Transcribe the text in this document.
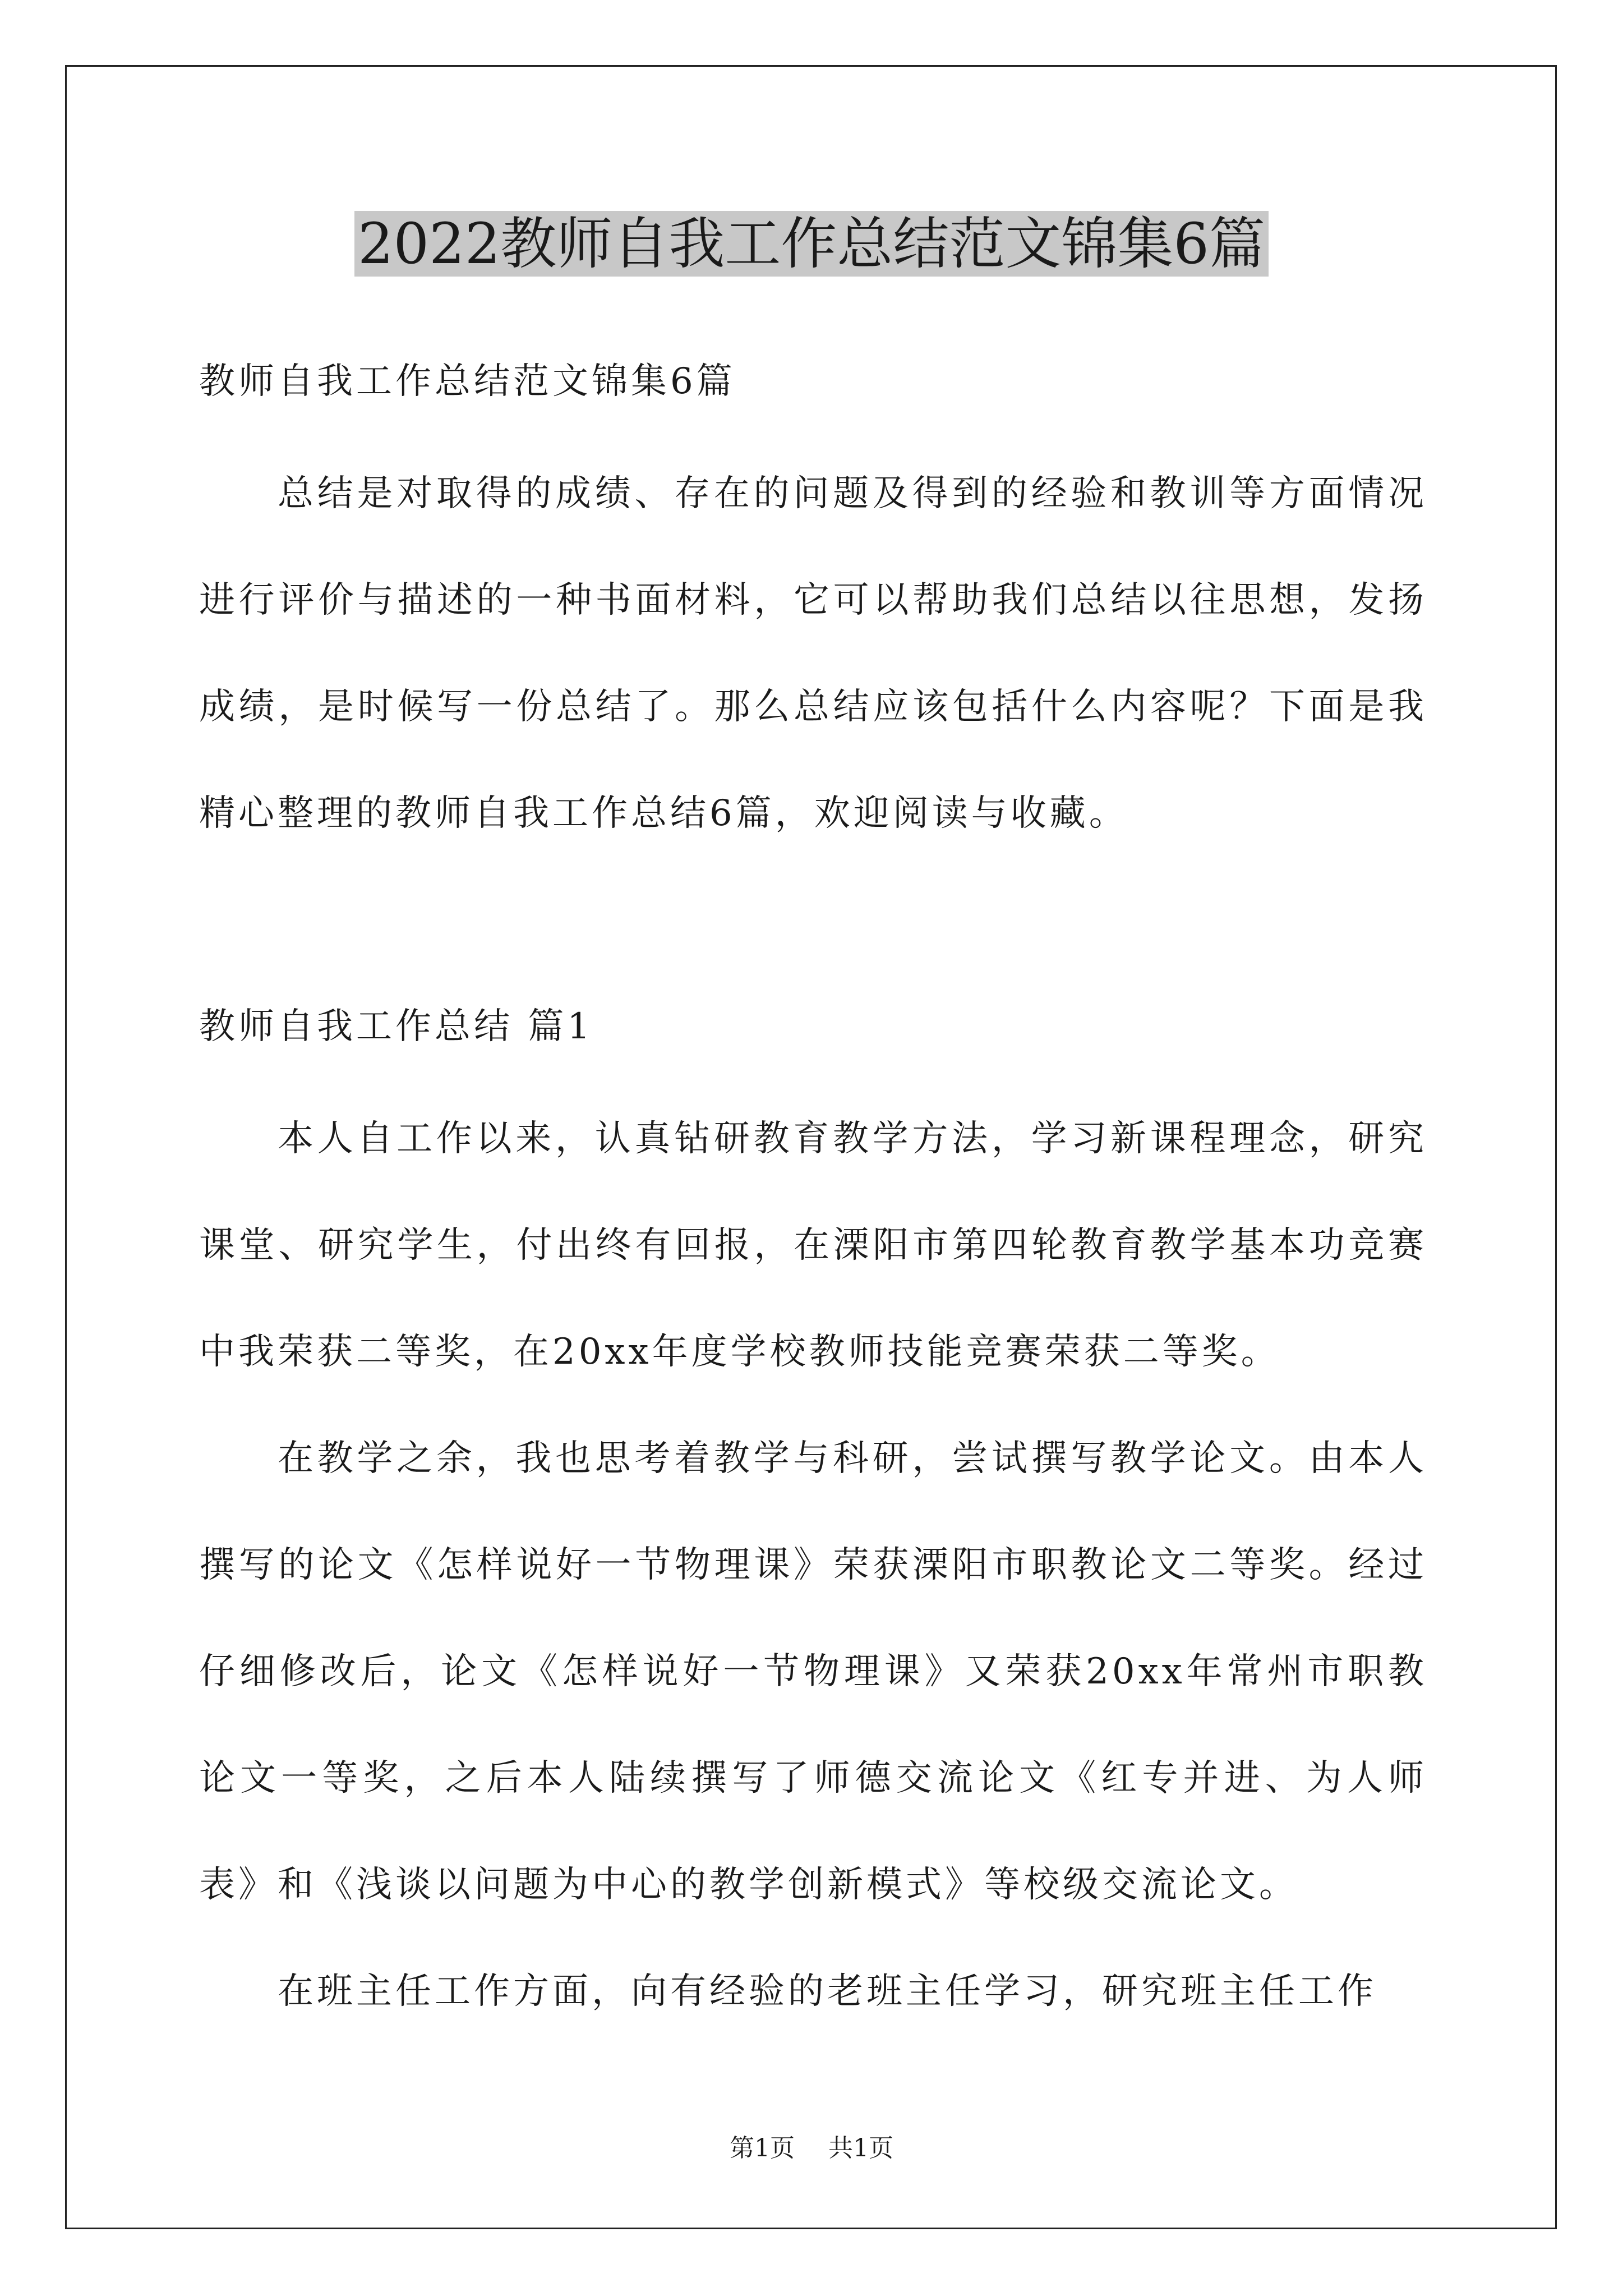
2022教师自我工作总结范文锦集6篇
教师自我工作总结范文锦集6篇
总结是对取得的成绩、存在的问题及得到的经验和教训等方面情况进行评价与描述的一种书面材料，它可以帮助我们总结以往思想，发扬成绩，是时候写一份总结了。那么总结应该包括什么内容呢？下面是我精心整理的教师自我工作总结6篇，欢迎阅读与收藏。
教师自我工作总结 篇1

本人自工作以来，认真钻研教育教学方法，学习新课程理念，研究课堂、研究学生，付出终有回报，在溧阳市第四轮教育教学基本功竞赛中我荣获二等奖，在20xx年度学校教师技能竞赛荣获二等奖。

在教学之余，我也思考着教学与科研，尝试撰写教学论文。由本人撰写的论文《怎样说好一节物理课》荣获溧阳市职教论文二等奖。经过仔细修改后，论文《怎样说好一节物理课》又荣获20xx年常州市职教论文一等奖，之后本人陆续撰写了师德交流论文《红专并进、为人师表》和《浅谈以问题为中心的教学创新模式》等校级交流论文。

在班主任工作方面，向有经验的老班主任学习，研究班主任工作

第1页 共1页
